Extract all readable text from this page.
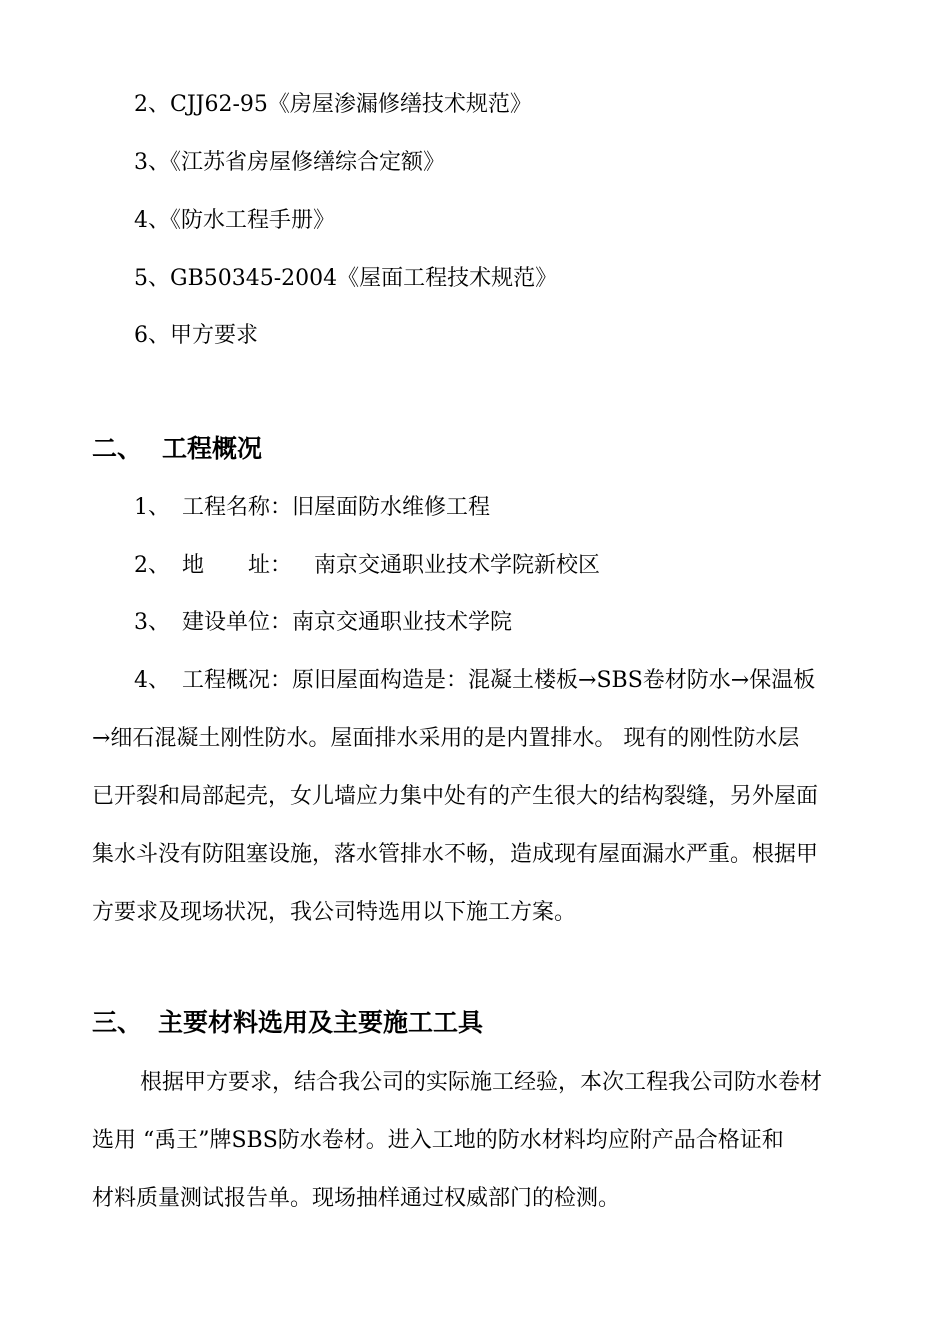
2、CJJ62-95《房屋渗漏修缮技术规范》
3、《江苏省房屋修缮综合定额》
4、《防水工程手册》
5、GB50345-2004《屋面工程技术规范》
6、甲方要求
二、 工程概况
1、 工程名称：旧屋面防水维修工程
2、 地　　址： 南京交通职业技术学院新校区
3、 建设单位：南京交通职业技术学院
4、 工程概况：原旧屋面构造是：混凝土楼板→SBS卷材防水→保温板
→细石混凝土刚性防水。屋面排水采用的是内置排水。 现有的刚性防水层
已开裂和局部起壳，女儿墙应力集中处有的产生很大的结构裂缝，另外屋面
集水斗没有防阻塞设施，落水管排水不畅，造成现有屋面漏水严重。根据甲
方要求及现场状况，我公司特选用以下施工方案。
三、 主要材料选用及主要施工工具
　根据甲方要求，结合我公司的实际施工经验，本次工程我公司防水卷材
选用 “禹王”牌SBS防水卷材。进入工地的防水材料均应附产品合格证和
材料质量测试报告单。现场抽样通过权威部门的检测。
